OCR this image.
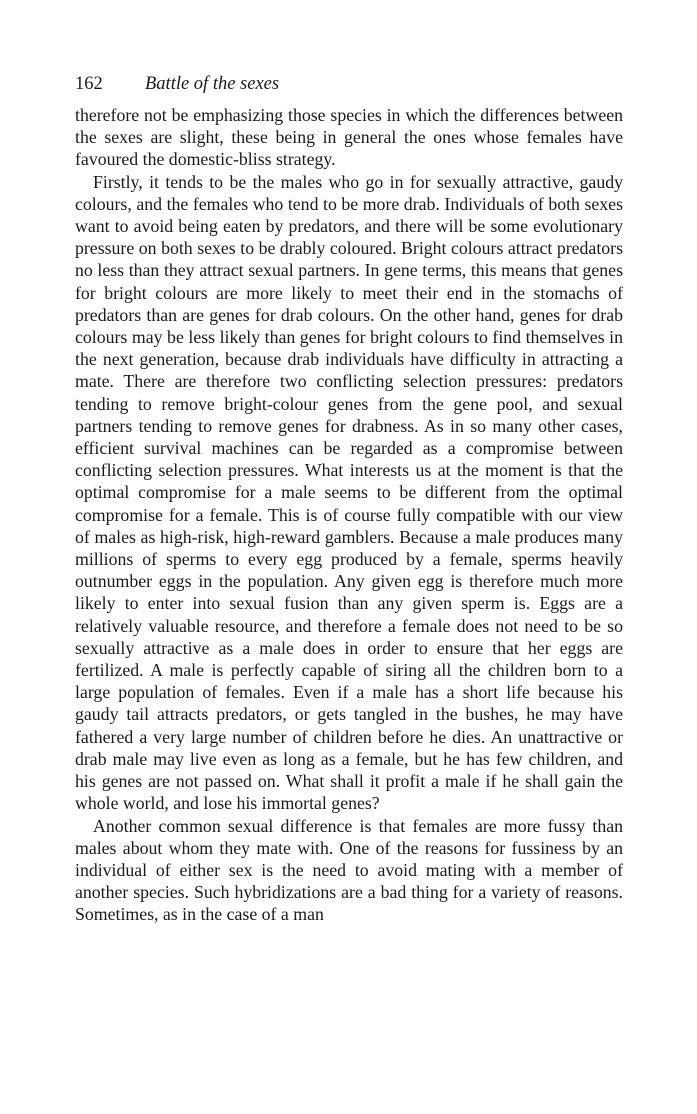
162 Battle of the sexes

therefore not be emphasizing those species in which the differences between the sexes are slight, these being in general the ones whose females have favoured the domestic-bliss strategy.

Firstly, it tends to be the males who go in for sexually attractive, gaudy colours, and the females who tend to be more drab. Individuals of both sexes want to avoid being eaten by predators, and there will be some evolutionary pressure on both sexes to be drably coloured. Bright colours attract predators no less than they attract sexual partners. In gene terms, this means that genes for bright colours are more likely to meet their end in the stomachs of predators than are genes for drab colours. On the other hand, genes for drab colours may be less likely than genes for bright colours to find themselves in the next generation, because drab individuals have difficulty in attracting a mate. There are therefore two conflicting selection pressures: predators tending to remove bright-colour genes from the gene pool, and sexual partners tending to remove genes for drabness. As in so many other cases, efficient survival machines can be regarded as a compromise between conflicting selection pressures. What interests us at the moment is that the optimal compromise for a male seems to be different from the optimal compromise for a female. This is of course fully compatible with our view of males as high-risk, high-reward gamblers. Because a male produces many millions of sperms to every egg produced by a female, sperms heavily outnumber eggs in the population. Any given egg is therefore much more likely to enter into sexual fusion than any given sperm is. Eggs are a relatively valuable resource, and therefore a female does not need to be so sexually attractive as a male does in order to ensure that her eggs are fertilized. A male is perfectly capable of siring all the children born to a large population of females. Even if a male has a short life because his gaudy tail attracts predators, or gets tangled in the bushes, he may have fathered a very large number of children before he dies. An unattractive or drab male may live even as long as a female, but he has few children, and his genes are not passed on. What shall it profit a male if he shall gain the whole world, and lose his immortal genes?

Another common sexual difference is that females are more fussy than males about whom they mate with. One of the reasons for fussiness by an individual of either sex is the need to avoid mating with a member of another species. Such hybridizations are a bad thing for a variety of reasons. Sometimes, as in the case of a man
